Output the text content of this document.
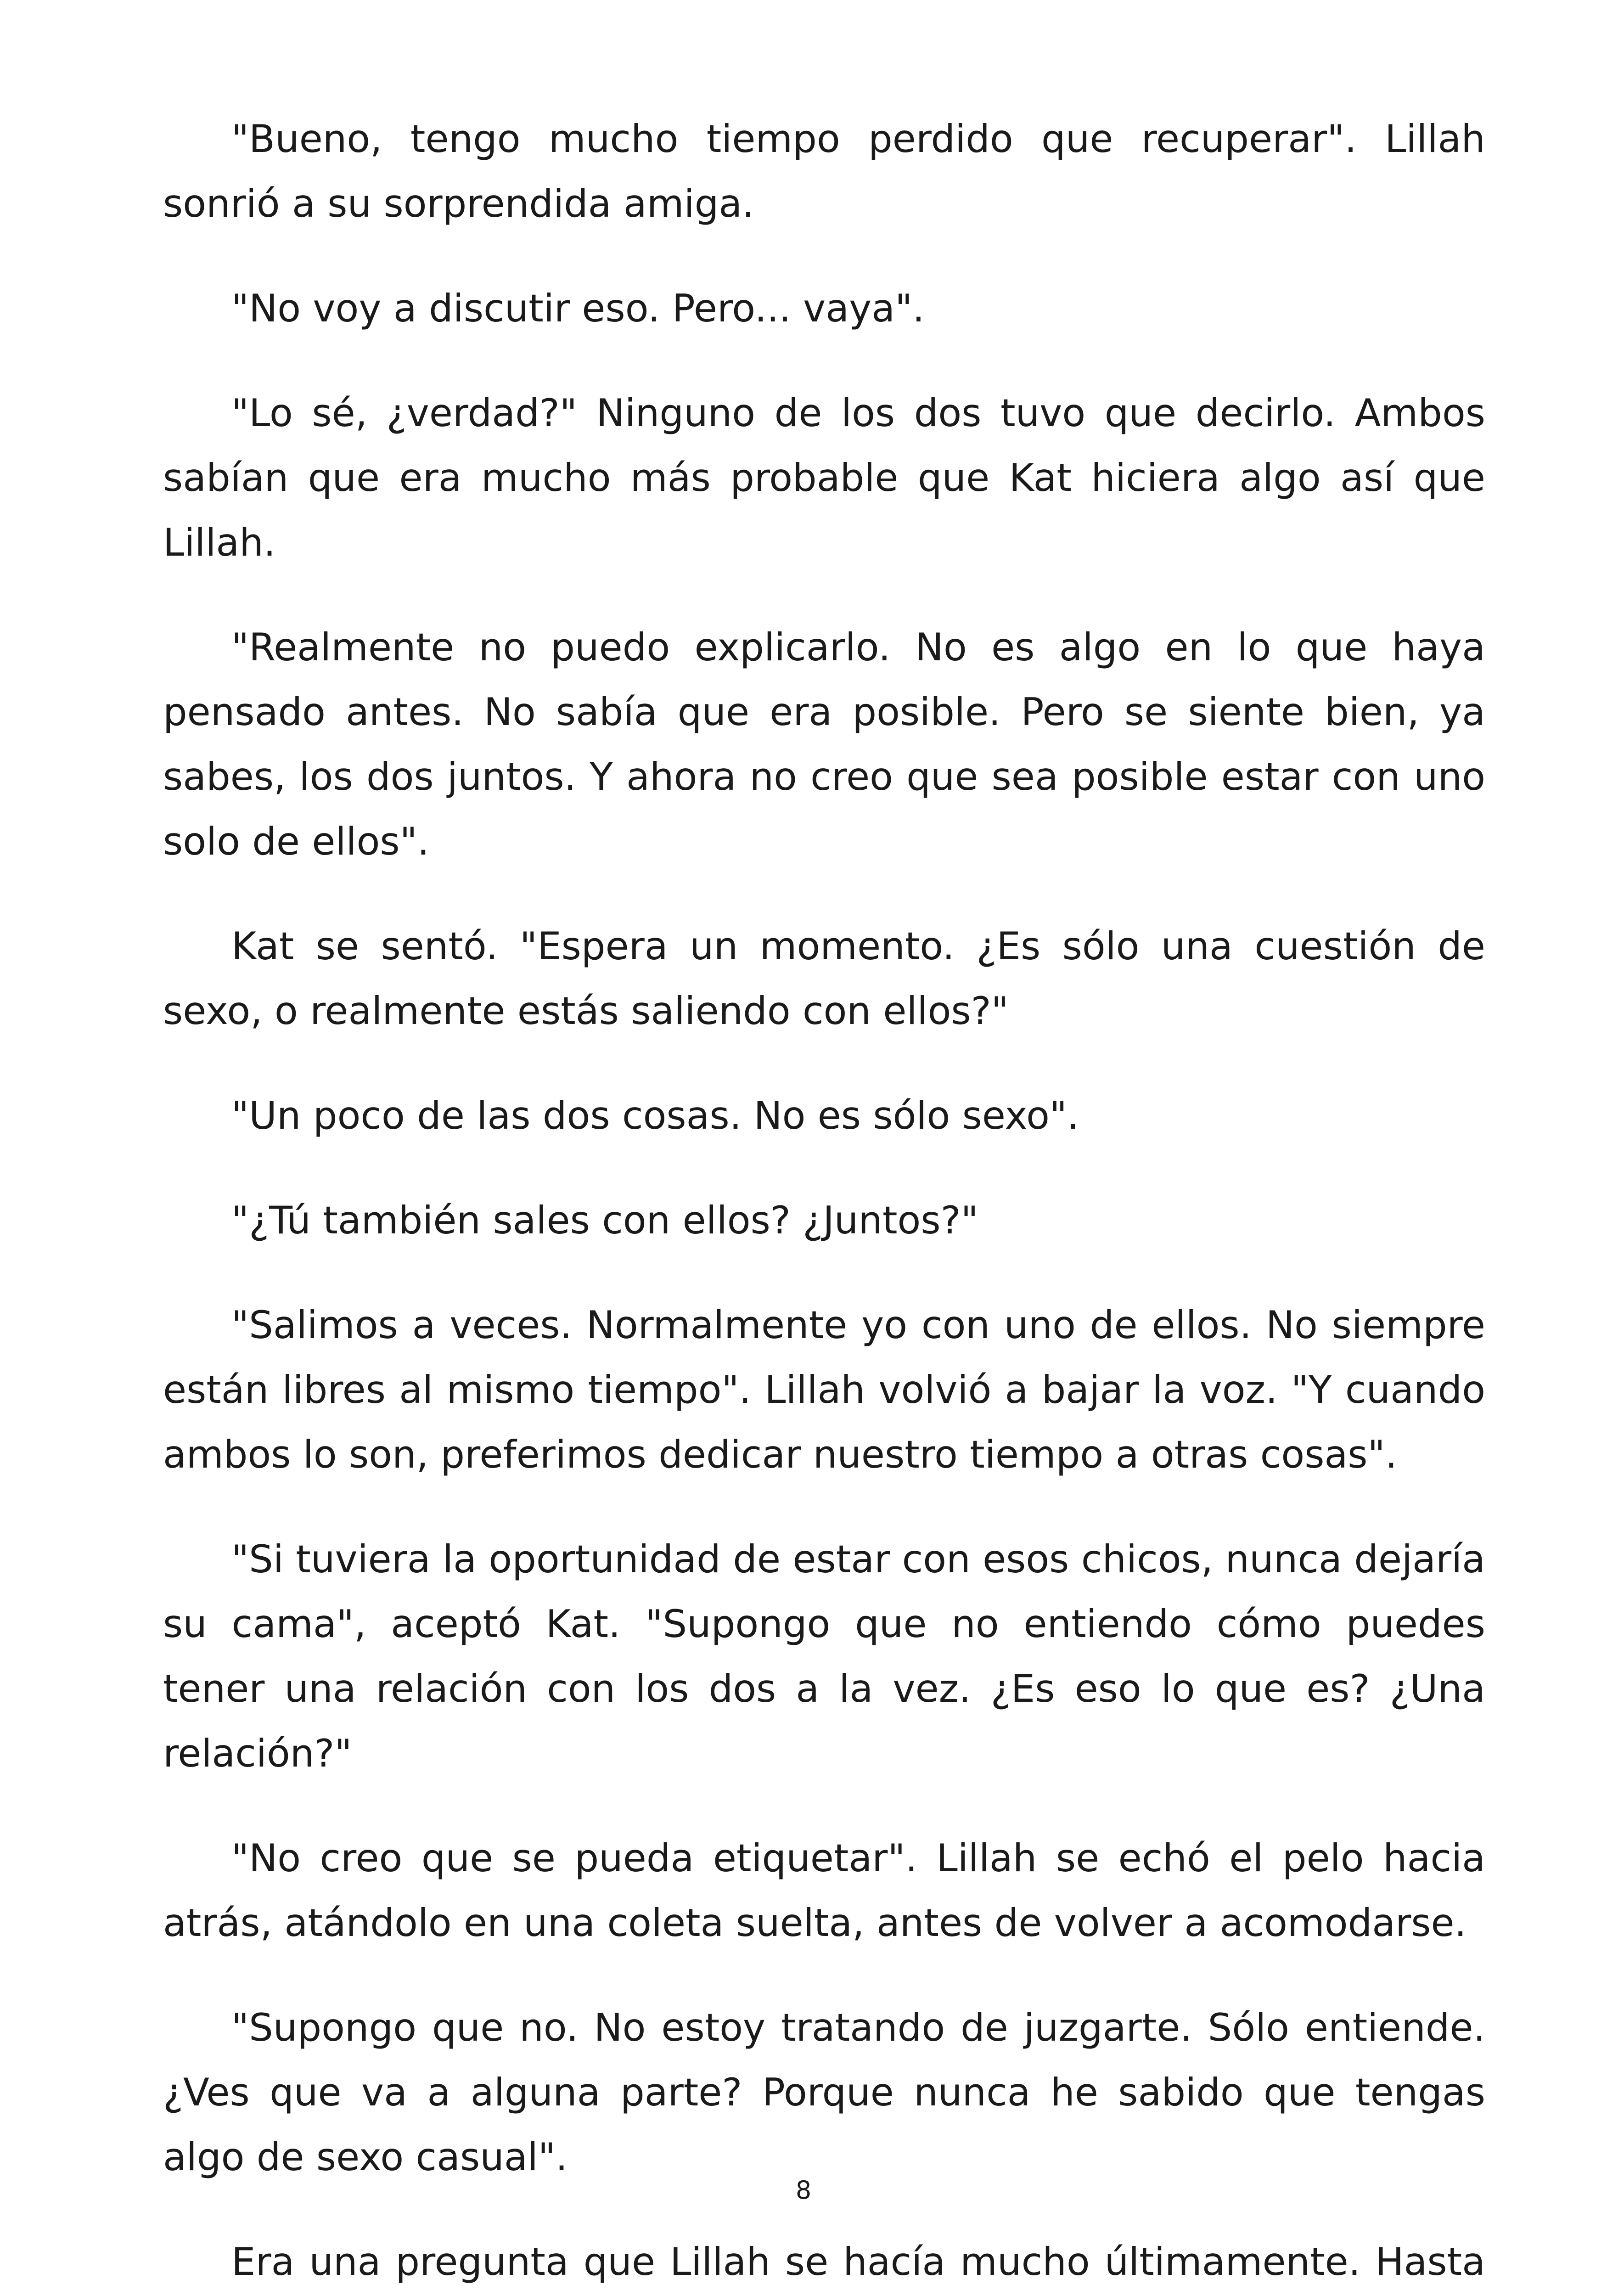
"Bueno, tengo mucho tiempo perdido que recuperar". Lillah sonrió a su sorprendida amiga.

"No voy a discutir eso. Pero... vaya".

"Lo sé, ¿verdad?" Ninguno de los dos tuvo que decirlo. Ambos sabían que era mucho más probable que Kat hiciera algo así que Lillah.

"Realmente no puedo explicarlo. No es algo en lo que haya pensado antes. No sabía que era posible. Pero se siente bien, ya sabes, los dos juntos. Y ahora no creo que sea posible estar con uno solo de ellos".

Kat se sentó. "Espera un momento. ¿Es sólo una cuestión de sexo, o realmente estás saliendo con ellos?"

"Un poco de las dos cosas. No es sólo sexo".

"¿Tú también sales con ellos? ¿Juntos?"

"Salimos a veces. Normalmente yo con uno de ellos. No siempre están libres al mismo tiempo". Lillah volvió a bajar la voz. "Y cuando ambos lo son, preferimos dedicar nuestro tiempo a otras cosas".

"Si tuviera la oportunidad de estar con esos chicos, nunca dejaría su cama", aceptó Kat. "Supongo que no entiendo cómo puedes tener una relación con los dos a la vez. ¿Es eso lo que es? ¿Una relación?"

"No creo que se pueda etiquetar". Lillah se echó el pelo hacia atrás, atándolo en una coleta suelta, antes de volver a acomodarse.

"Supongo que no. No estoy tratando de juzgarte. Sólo entiende. ¿Ves que va a alguna parte? Porque nunca he sabido que tengas algo de sexo casual".

Era una pregunta que Lillah se hacía mucho últimamente. Hasta

8
